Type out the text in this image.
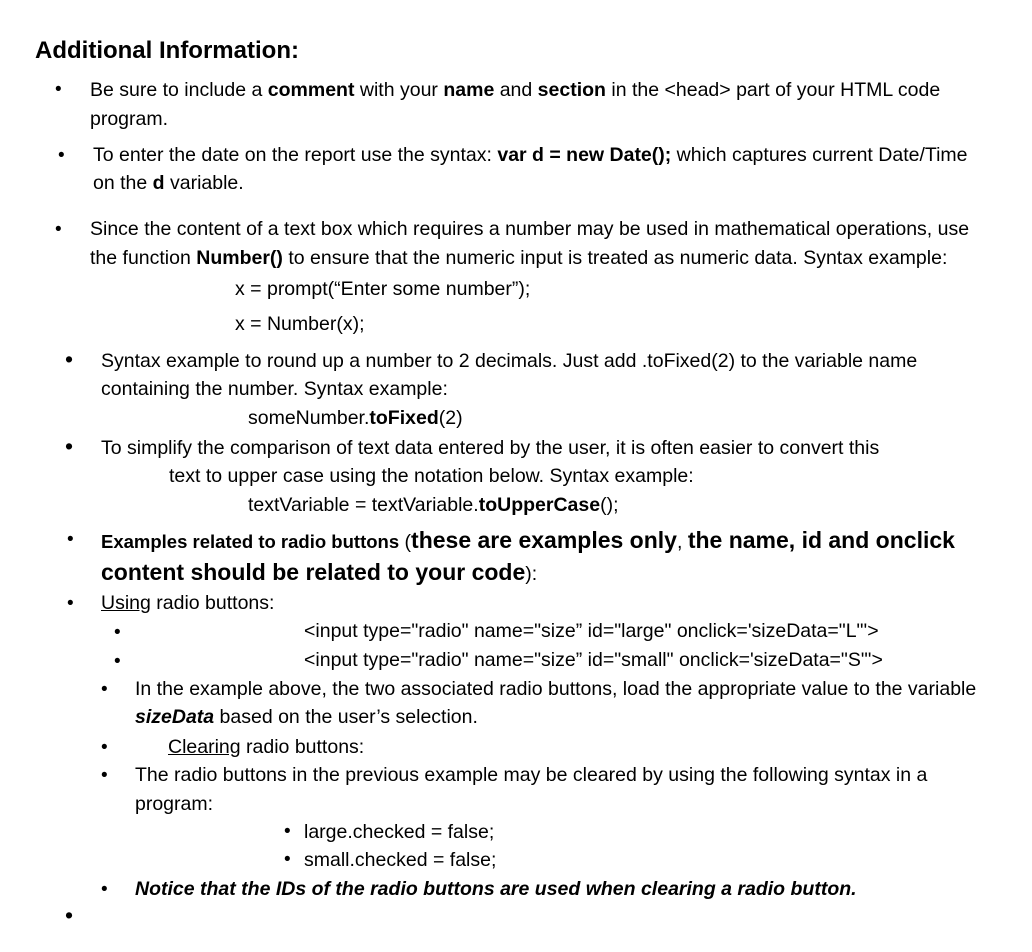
Additional Information:
• Be sure to include a comment with your name and section in the <head> part of your HTML code
program.
• To enter the date on the report use the syntax: var d = new Date(); which captures current Date/Time
on the d variable.
• Since the content of a text box which requires a number may be used in mathematical operations, use
the function Number() to ensure that the numeric input is treated as numeric data. Syntax example:
x = prompt(“Enter some number”);
x = Number(x);
• Syntax example to round up a number to 2 decimals. Just add .toFixed(2) to the variable name
containing the number. Syntax example:
someNumber.toFixed(2)
• To simplify the comparison of text data entered by the user, it is often easier to convert this
text to upper case using the notation below. Syntax example:
textVariable = textVariable.toUpperCase();
• Examples related to radio buttons (these are examples only, the name, id and onclick
content should be related to your code):
• Using radio buttons:
•	<input type="radio" name="size” id="large" onclick='sizeData="L"'>
•	<input type="radio" name="size” id="small" onclick='sizeData="S"'>
• In the example above, the two associated radio buttons, load the appropriate value to the variable
sizeData based on the user’s selection.
•	Clearing radio buttons:
• The radio buttons in the previous example may be cleared by using the following syntax in a
program:
• large.checked = false;
• small.checked = false;
• Notice that the IDs of the radio buttons are used when clearing a radio button.
•
